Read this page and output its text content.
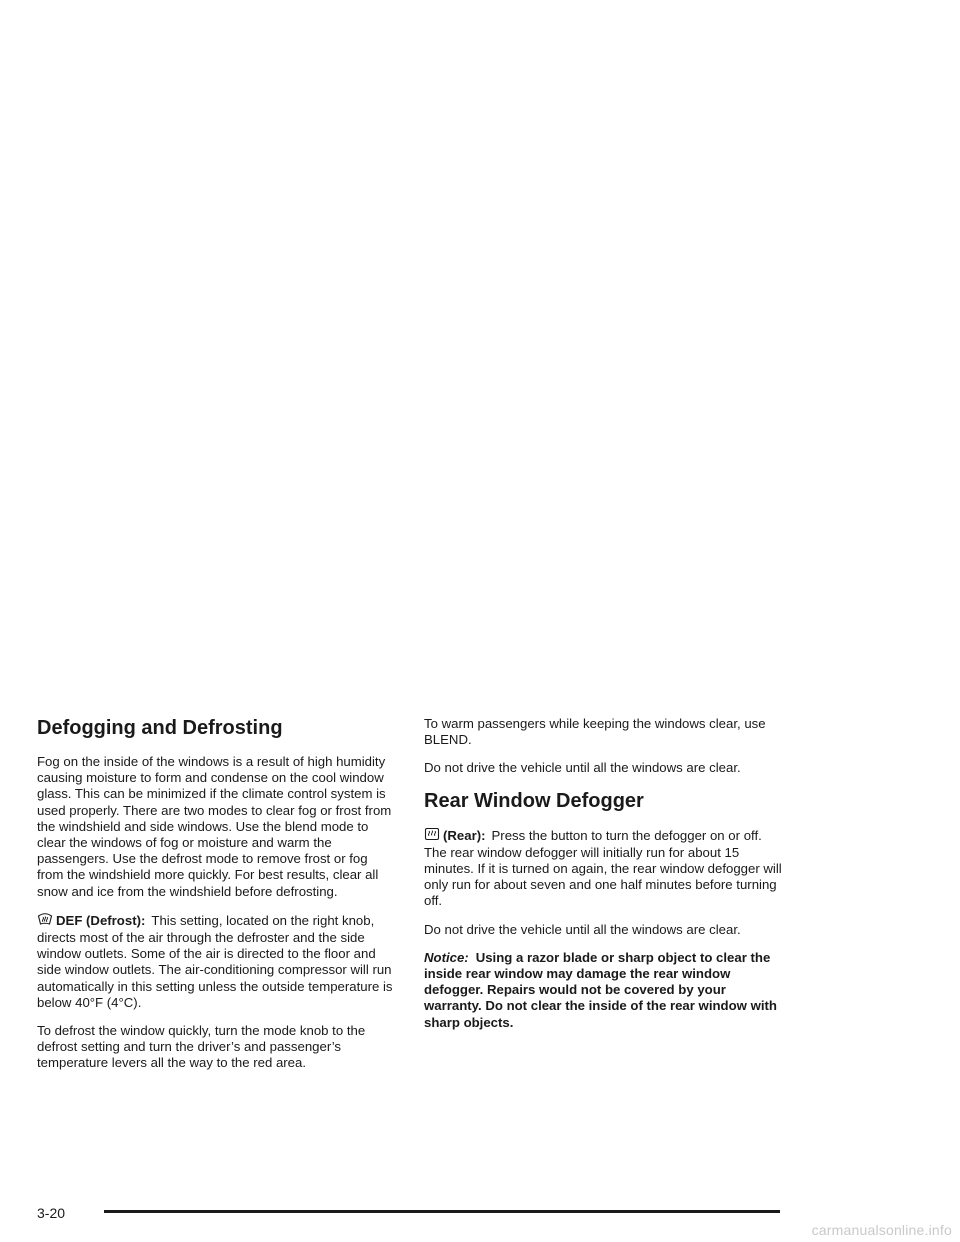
Defogging and Defrosting

Fog on the inside of the windows is a result of high humidity causing moisture to form and condense on the cool window glass. This can be minimized if the climate control system is used properly. There are two modes to clear fog or frost from the windshield and side windows. Use the blend mode to clear the windows of fog or moisture and warm the passengers. Use the defrost mode to remove frost or fog from the windshield more quickly. For best results, clear all snow and ice from the windshield before defrosting.

DEF (Defrost): This setting, located on the right knob, directs most of the air through the defroster and the side window outlets. Some of the air is directed to the floor and side window outlets. The air-conditioning compressor will run automatically in this setting unless the outside temperature is below 40°F (4°C).

To defrost the window quickly, turn the mode knob to the defrost setting and turn the driver’s and passenger’s temperature levers all the way to the red area.

To warm passengers while keeping the windows clear, use BLEND.

Do not drive the vehicle until all the windows are clear.

Rear Window Defogger

(Rear): Press the button to turn the defogger on or off. The rear window defogger will initially run for about 15 minutes. If it is turned on again, the rear window defogger will only run for about seven and one half minutes before turning off.

Do not drive the vehicle until all the windows are clear.

Notice: Using a razor blade or sharp object to clear the inside rear window may damage the rear window defogger. Repairs would not be covered by your warranty. Do not clear the inside of the rear window with sharp objects.

3-20
carmanualsonline.info
